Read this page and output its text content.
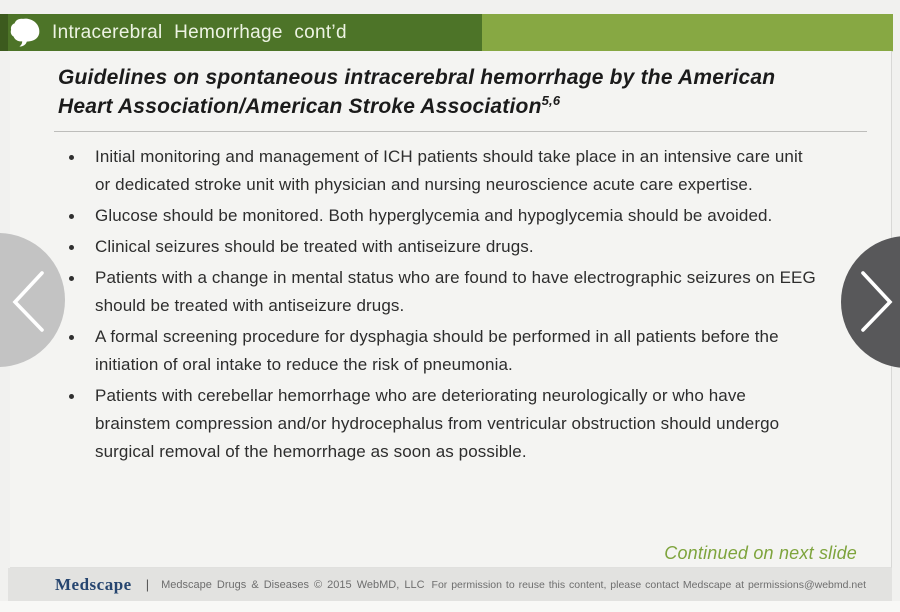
Intracerebral Hemorrhage cont’d
Guidelines on spontaneous intracerebral hemorrhage by the American
Heart Association/American Stroke Association$^{5,6}$
Initial monitoring and management of ICH patients should take place in an intensive care unit or dedicated stroke unit with physician and nursing neuroscience acute care expertise.
Glucose should be monitored. Both hyperglycemia and hypoglycemia should be avoided.
Clinical seizures should be treated with antiseizure drugs.
Patients with a change in mental status who are found to have electrographic seizures on EEG should be treated with antiseizure drugs.
A formal screening procedure for dysphagia should be performed in all patients before the initiation of oral intake to reduce the risk of pneumonia.
Patients with cerebellar hemorrhage who are deteriorating neurologically or who have brainstem compression and/or hydrocephalus from ventricular obstruction should undergo surgical removal of the hemorrhage as soon as possible.
Continued on next slide
Medscape | Medscape Drugs & Diseases © 2015 WebMD, LLC For permission to reuse this content, please contact Medscape at permissions@webmd.net
